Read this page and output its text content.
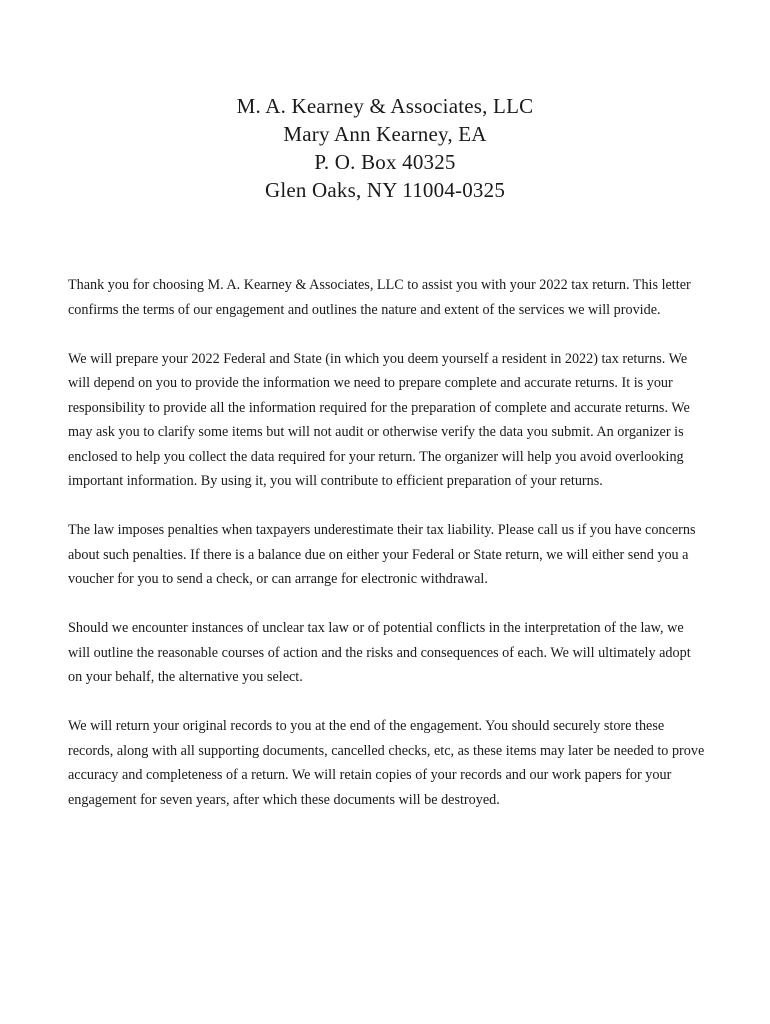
M. A. Kearney & Associates, LLC
Mary Ann Kearney, EA
P. O. Box 40325
Glen Oaks, NY 11004-0325

Thank you for choosing M. A. Kearney & Associates, LLC to assist you with your 2022 tax return. This letter confirms the terms of our engagement and outlines the nature and extent of the services we will provide.

We will prepare your 2022 Federal and State (in which you deem yourself a resident in 2022) tax returns. We will depend on you to provide the information we need to prepare complete and accurate returns. It is your responsibility to provide all the information required for the preparation of complete and accurate returns. We may ask you to clarify some items but will not audit or otherwise verify the data you submit. An organizer is enclosed to help you collect the data required for your return. The organizer will help you avoid overlooking important information. By using it, you will contribute to efficient preparation of your returns.

The law imposes penalties when taxpayers underestimate their tax liability. Please call us if you have concerns about such penalties. If there is a balance due on either your Federal or State return, we will either send you a voucher for you to send a check, or can arrange for electronic withdrawal.

Should we encounter instances of unclear tax law or of potential conflicts in the interpretation of the law, we will outline the reasonable courses of action and the risks and consequences of each. We will ultimately adopt on your behalf, the alternative you select.

We will return your original records to you at the end of the engagement. You should securely store these records, along with all supporting documents, cancelled checks, etc, as these items may later be needed to prove accuracy and completeness of a return. We will retain copies of your records and our work papers for your engagement for seven years, after which these documents will be destroyed.
